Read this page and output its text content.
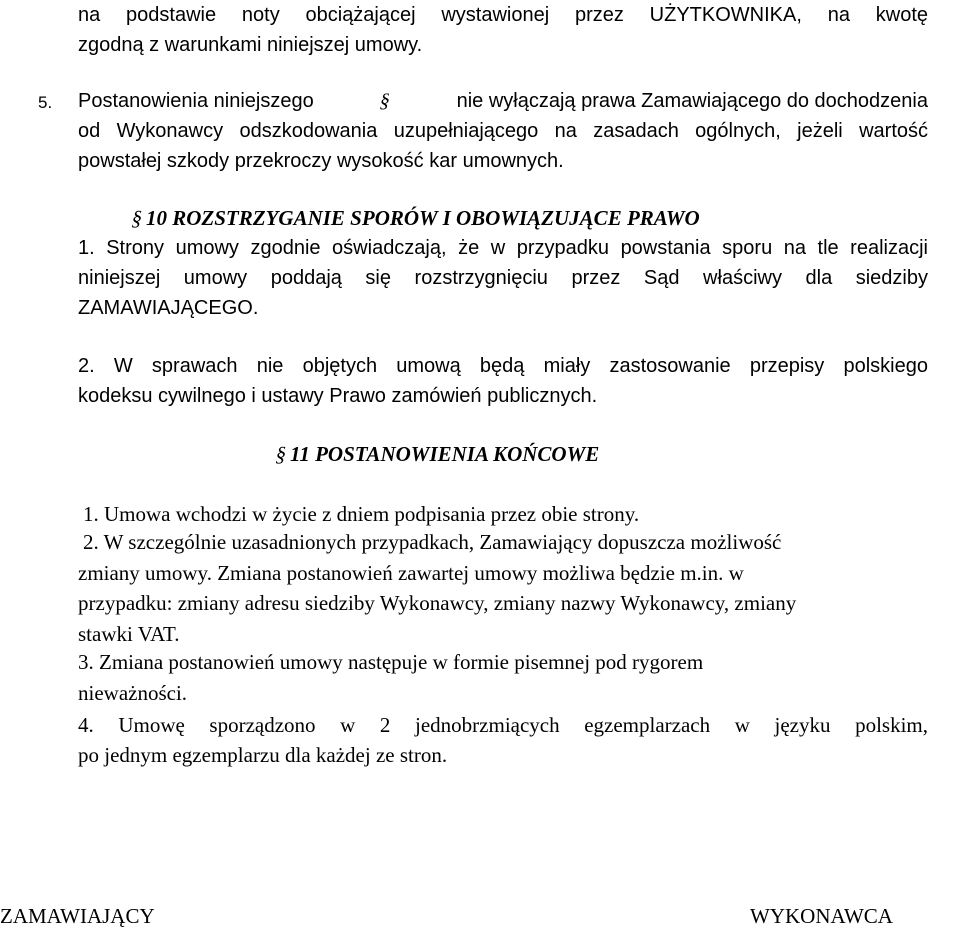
na podstawie noty obciążającej wystawionej przez UŻYTKOWNIKA, na kwotę
zgodną z warunkami niniejszej umowy.
5. Postanowienia niniejszego	§	nie wyłączają prawa Zamawiającego do dochodzenia
od Wykonawcy odszkodowania uzupełniającego na zasadach ogólnych, jeżeli wartość
powstałej szkody przekroczy wysokość kar umownych.
§10 ROZSTRZYGANIE SPORÓW I OBOWIĄZUJĄCE PRAWO
1. Strony umowy zgodnie oświadczają, że w przypadku powstania sporu na tle realizacji
niniejszej umowy poddają się rozstrzygnięciu przez Sąd właściwy dla siedziby
ZAMAWIAJĄCEGO.
2. W sprawach nie objętych umową będą miały zastosowanie przepisy polskiego
kodeksu cywilnego i ustawy Prawo zamówień publicznych.
§11 POSTANOWIENIA KOŃCOWE
1. Umowa wchodzi w życie z dniem podpisania przez obie strony.
2. W szczególnie uzasadnionych przypadkach, Zamawiający dopuszcza możliwość
zmiany umowy. Zmiana postanowień zawartej umowy możliwa będzie m.in. w
przypadku: zmiany adresu siedziby Wykonawcy, zmiany nazwy Wykonawcy, zmiany
stawki VAT.
3. Zmiana postanowień umowy następuje w formie pisemnej pod rygorem
nieważności.
4. Umowę sporządzono w 2 jednobrzmiących egzemplarzach w języku polskim,
po jednym egzemplarzu dla każdej ze stron.
ZAMAWIAJĄCY	WYKONAWCA
